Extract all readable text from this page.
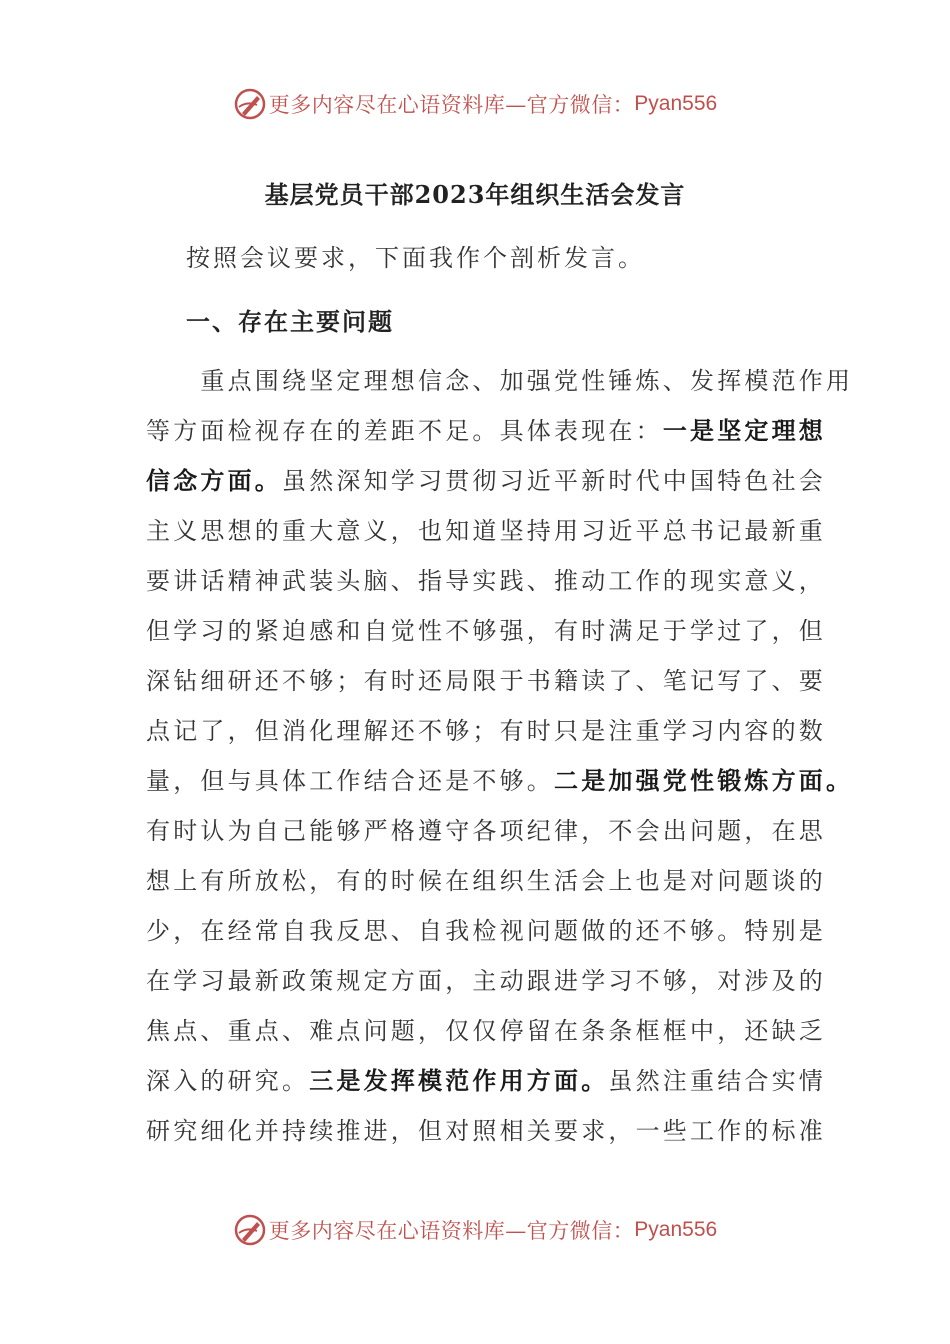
更多内容尽在心语资料库—官方微信： Pyan556
基层党员干部2023年组织生活会发言
按照会议要求，下面我作个剖析发言。
一、存在主要问题
　　重点围绕坚定理想信念、加强党性锤炼、发挥模范作用
等方面检视存在的差距不足。具体表现在：一是坚定理想
信念方面。虽然深知学习贯彻习近平新时代中国特色社会
主义思想的重大意义，也知道坚持用习近平总书记最新重
要讲话精神武装头脑、指导实践、推动工作的现实意义，
但学习的紧迫感和自觉性不够强，有时满足于学过了，但
深钻细研还不够；有时还局限于书籍读了、笔记写了、要
点记了，但消化理解还不够；有时只是注重学习内容的数
量，但与具体工作结合还是不够。二是加强党性锻炼方面。
有时认为自己能够严格遵守各项纪律，不会出问题，在思
想上有所放松，有的时候在组织生活会上也是对问题谈的
少，在经常自我反思、自我检视问题做的还不够。特别是
在学习最新政策规定方面，主动跟进学习不够，对涉及的
焦点、重点、难点问题，仅仅停留在条条框框中，还缺乏
深入的研究。三是发挥模范作用方面。虽然注重结合实情
研究细化并持续推进，但对照相关要求，一些工作的标准
更多内容尽在心语资料库—官方微信： Pyan556
